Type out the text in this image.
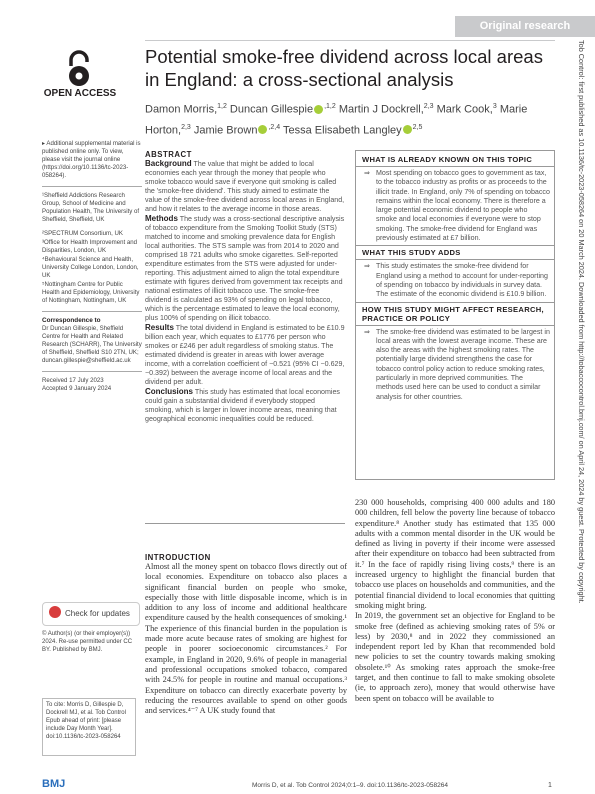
Original research
OPEN ACCESS
Potential smoke-free dividend across local areas in England: a cross-sectional analysis
Damon Morris,$^{1,2}$ Duncan Gillespie $^{,1,2}$ Martin J Dockrell,$^{2,3}$ Mark Cook,$^3$ Marie Horton,$^{2,3}$ Jamie Brown $^{,2,4}$ Tessa Elisabeth Langley $^{2,5}$

▸ Additional supplemental material is published online only. To view, please visit the journal online (https://doi.org/10.1136/tc-2023-058264).

¹Sheffield Addictions Research Group, School of Medicine and Population Health, The University of Sheffield, Sheffield, UK

²SPECTRUM Consortium, UK

³Office for Health Improvement and Disparities, London, UK

⁴Behavioural Science and Health, University College London, London, UK

⁵Nottingham Centre for Public Health and Epidemiology, University of Nottingham, Nottingham, UK

Correspondence to

Dr Duncan Gillespie, Sheffield Centre for Health and Related Research (SCHARR), The University of Sheffield, Sheffield S10 2TN, UK; duncan.gillespie@sheffield.ac.uk

Received 17 July 2023

Accepted 9 January 2024

Check for updates
© Author(s) (or their employer(s)) 2024. Re-use permitted under CC BY. Published by BMJ.
To cite: Morris D, Gillespie D, Dockrell MJ, et al. Tob Control Epub ahead of print: [please include Day Month Year]. doi:10.1136/tc-2023-058264
ABSTRACT

Background The value that might be added to local economies each year through the money that people who smoke tobacco would save if everyone quit smoking is called the 'smoke-free dividend'. This study aimed to estimate the value of the smoke-free dividend across local areas in England, and how it relates to the average income in those areas.

Methods The study was a cross-sectional descriptive analysis of tobacco expenditure from the Smoking Toolkit Study (STS) matched to income and smoking prevalence data for English local authorities. The STS sample was from 2014 to 2020 and comprised 18 721 adults who smoke cigarettes. Self-reported expenditure estimates from the STS were adjusted for under-reporting. This adjustment aimed to align the total expenditure estimate with figures derived from government tax receipts and national estimates of illicit tobacco use. The smoke-free dividend is calculated as 93% of spending on legal tobacco, which is the percentage estimated to leave the local economy, plus 100% of spending on illicit tobacco.

Results The total dividend in England is estimated to be £10.9 billion each year, which equates to £1776 per person who smokes or £246 per adult regardless of smoking status. The estimated dividend is greater in areas with lower average income, with a correlation coefficient of −0.521 (95% CI −0.629, −0.392) between the average income of local areas and the dividend per adult.

Conclusions This study has estimated that local economies could gain a substantial dividend if everybody stopped smoking, which is larger in lower income areas, meaning that geographical economic inequalities could be reduced.

WHAT IS ALREADY KNOWN ON THIS TOPIC
⇒ Most spending on tobacco goes to government as tax, to the tobacco industry as profits or as proceeds to the illicit trade. In England, only 7% of spending on tobacco remains within the local economy. There is therefore a large potential economic dividend to people who smoke and local economies if everyone were to stop smoking. The smoke-free dividend for England was previously estimated at £7 billion.
WHAT THIS STUDY ADDS
⇒ This study estimates the smoke-free dividend for England using a method to account for under-reporting of spending on tobacco by individuals in survey data. The estimate of the economic dividend is £10.9 billion.
HOW THIS STUDY MIGHT AFFECT RESEARCH, PRACTICE OR POLICY
⇒ The smoke-free dividend was estimated to be largest in local areas with the lowest average income. These are also the areas with the highest smoking rates. The potentially large dividend strengthens the case for tobacco control policy action to reduce smoking rates, particularly in more deprived communities. The methods used here can be used to conduct a similar analysis for other countries.
INTRODUCTION
Almost all the money spent on tobacco flows directly out of local economies. Expenditure on tobacco also places a significant financial burden on people who smoke, especially those with little disposable income, which is in addition to any loss of income and additional healthcare expenditure caused by the health consequences of smoking.¹ The experience of this financial burden in the population is made more acute because rates of smoking are highest for people in poorer socioeconomic circumstances.² For example, in England in 2020, 9.6% of people in managerial and professional occupations smoked tobacco, compared with 24.5% for people in routine and manual occupations.³ Expenditure on tobacco can directly exacerbate poverty by reducing the resources available to spend on other goods and services.⁴⁻⁷ A UK study found that
230 000 households, comprising 400 000 adults and 180 000 children, fell below the poverty line because of tobacco expenditure.⁸ Another study has estimated that 135 000 adults with a common mental disorder in the UK would be defined as living in poverty if their income were assessed after their expenditure on tobacco had been subtracted from it.⁷ In the face of rapidly rising living costs,⁹ there is an increased urgency to highlight the financial burden that tobacco use places on households and communities, and the potential financial dividend to local economies that quitting smoking might bring.
In 2019, the government set an objective for England to be smoke free (defined as achieving smoking rates of 5% or less) by 2030,⁸ and in 2022 they commissioned an independent report led by Khan that recommended bold new policies to set the country towards making smoking obsolete.¹⁰ As smoking rates approach the smoke-free target, and then continue to fall to make smoking obsolete (ie, to approach zero), money that would otherwise have been spent on tobacco will be available to
BMJ	Morris D, et al. Tob Control 2024;0:1–9. doi:10.1136/tc-2023-058264	1
Tob Control: first published as 10.1136/tc-2023-058264 on 20 March 2024. Downloaded from http://tobaccocontrol.bmj.com/ on April 24, 2024 by guest. Protected by copyright.
